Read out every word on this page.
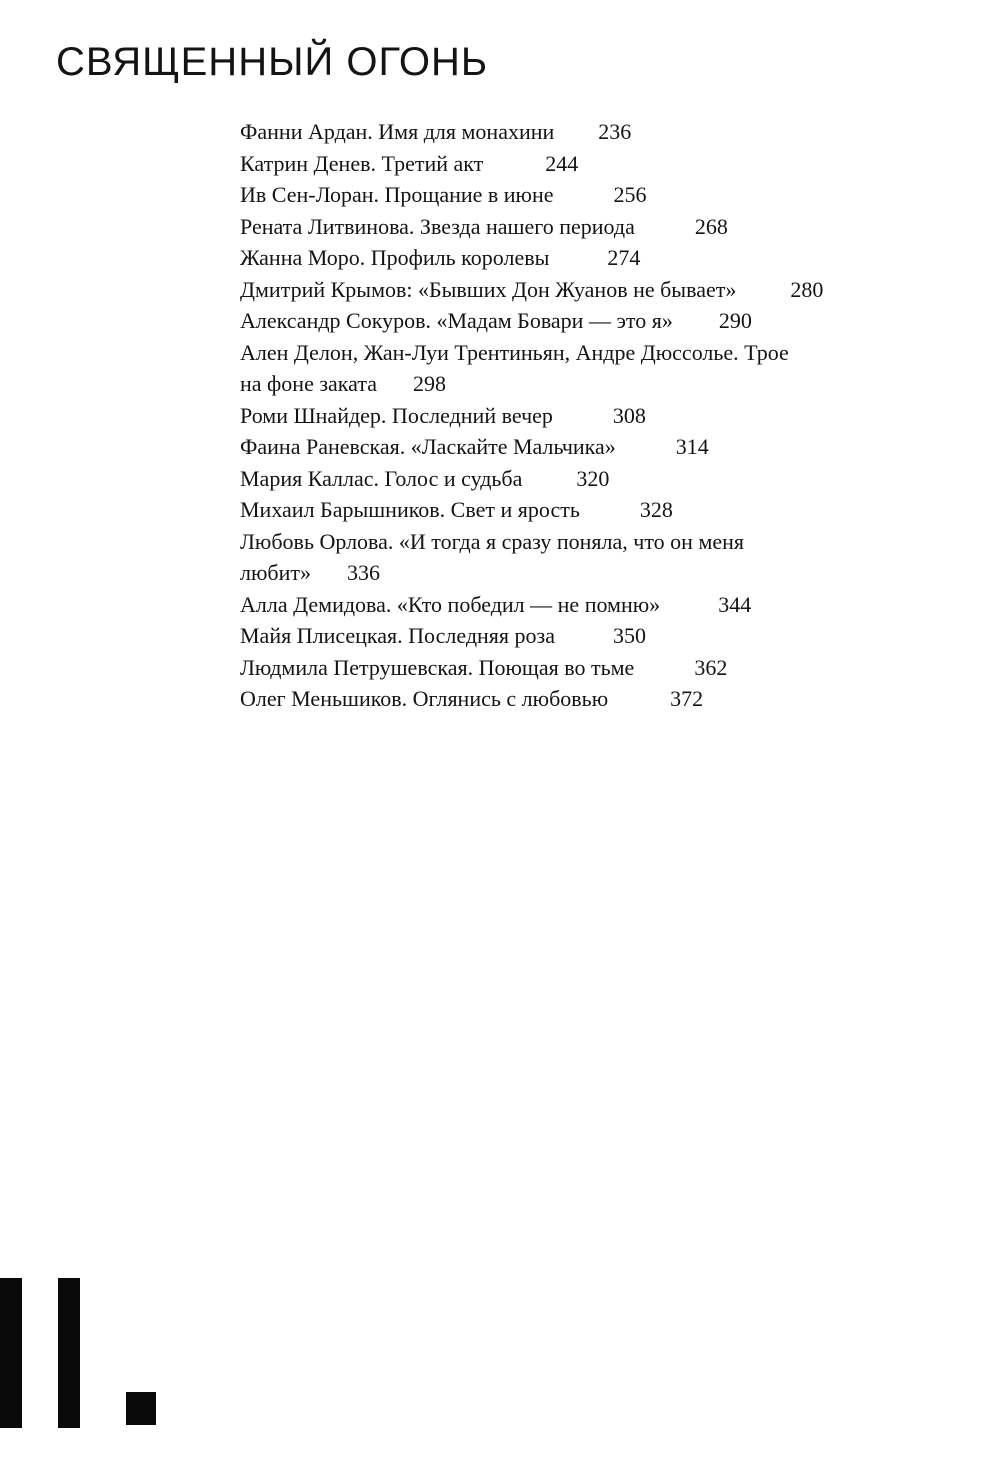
СВЯЩЕННЫЙ ОГОНЬ
Фанни Ардан. Имя для монахини 236
Катрин Денев. Третий акт	244
Ив Сен-Лоран. Прощание в июне	256
Рената Литвинова. Звезда нашего периода	268
Жанна Моро. Профиль королевы	274
Дмитрий Крымов: «Бывших Дон Жуанов не бывает» 280
Александр Сокуров. «Мадам Бовари — это я» 290
Ален Делон, Жан-Луи Трентиньян, Андре Дюссолье. Трое
на фоне заката 298
Роми Шнайдер. Последний вечер	308
Фаина Раневская. «Ласкайте Мальчика»	314
Мария Каллас. Голос и судьба 320
Михаил Барышников. Свет и ярость	328
Любовь Орлова. «И тогда я сразу поняла, что он меня
любит» 336
Алла Демидова. «Кто победил — не помню»	344
Майя Плисецкая. Последняя роза	350
Людмила Петрушевская. Поющая во тьме	362
Олег Меньшиков. Оглянись с любовью	372
